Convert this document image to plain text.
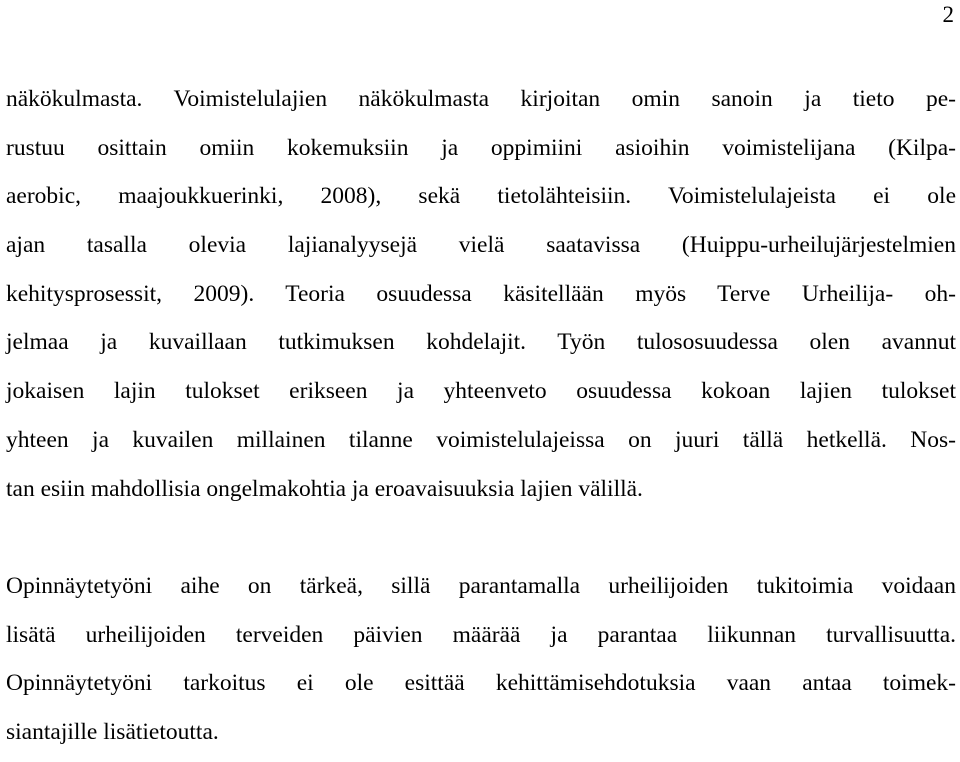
2
näkökulmasta. Voimistelulajien näkökulmasta kirjoitan omin sanoin ja tieto pe-
rustuu osittain omiin kokemuksiin ja oppimiini asioihin voimistelijana (Kilpa-
aerobic, maajoukkuerinki, 2008), sekä tietolähteisiin. Voimistelulajeista ei ole
ajan tasalla olevia lajianalyysejä vielä saatavissa (Huippu-urheilujärjestelmien
kehitysprosessit, 2009). Teoria osuudessa käsitellään myös Terve Urheilija- oh-
jelmaa ja kuvaillaan tutkimuksen kohdelajit. Työn tulososuudessa olen avannut
jokaisen lajin tulokset erikseen ja yhteenveto osuudessa kokoan lajien tulokset
yhteen ja kuvailen millainen tilanne voimistelulajeissa on juuri tällä hetkellä. Nos-
tan esiin mahdollisia ongelmakohtia ja eroavaisuuksia lajien välillä.
Opinnäytetyöni aihe on tärkeä, sillä parantamalla urheilijoiden tukitoimia voidaan
lisätä urheilijoiden terveiden päivien määrää ja parantaa liikunnan turvallisuutta.
Opinnäytetyöni tarkoitus ei ole esittää kehittämisehdotuksia vaan antaa toimek-
siantajille lisätietoutta.
